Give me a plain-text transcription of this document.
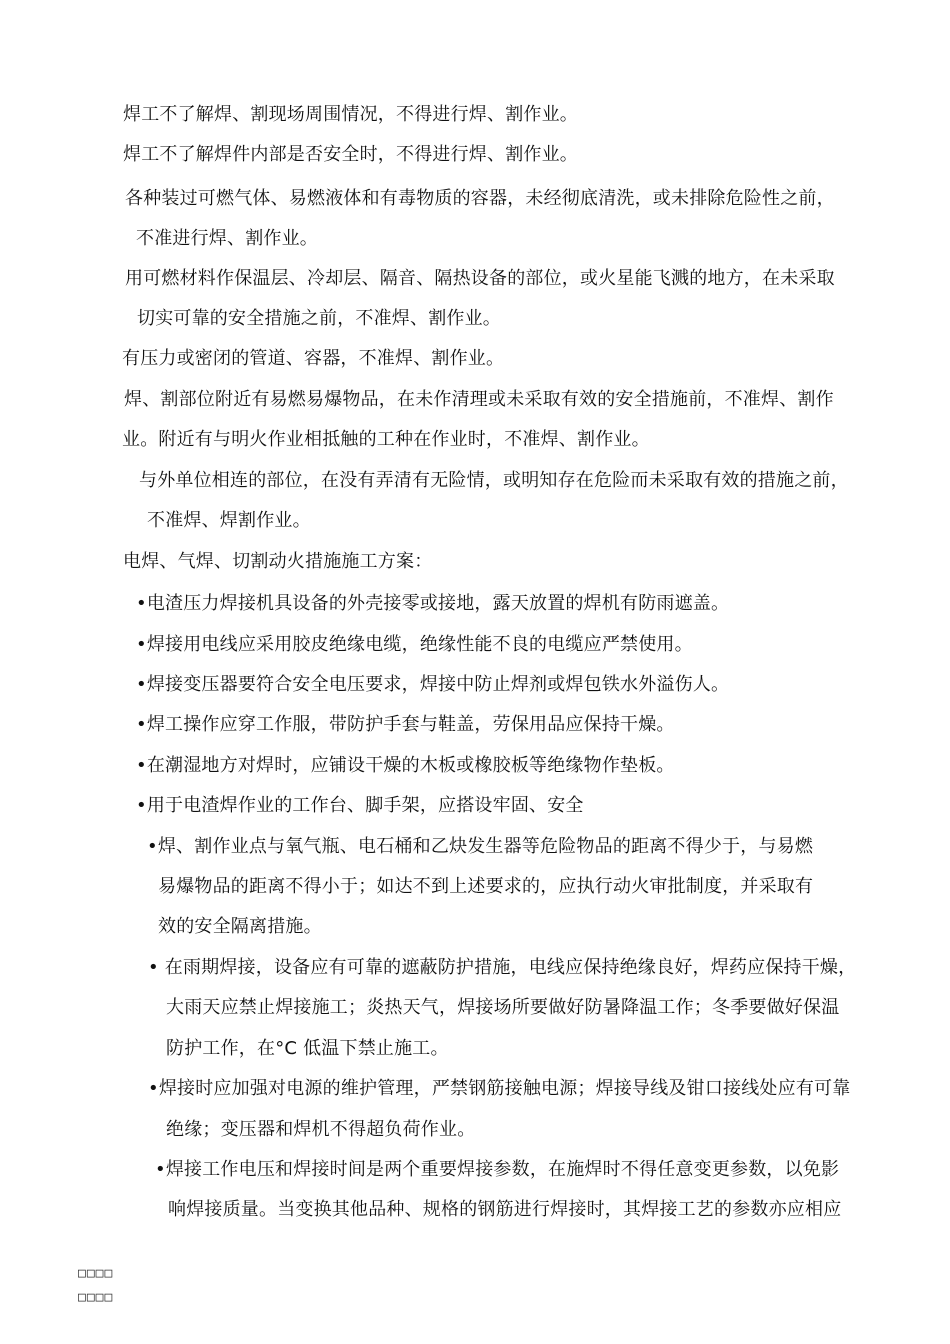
焊工不了解焊、割现场周围情况，不得进行焊、割作业。

焊工不了解焊件内部是否安全时，不得进行焊、割作业。

各种装过可燃气体、易燃液体和有毒物质的容器，未经彻底清洗，或未排除危险性之前，

不准进行焊、割作业。

用可燃材料作保温层、冷却层、隔音、隔热设备的部位，或火星能飞溅的地方，在未采取

切实可靠的安全措施之前，不准焊、割作业。

有压力或密闭的管道、容器，不准焊、割作业。

焊、割部位附近有易燃易爆物品，在未作清理或未采取有效的安全措施前，不准焊、割作

业。附近有与明火作业相抵触的工种在作业时，不准焊、割作业。

与外单位相连的部位，在没有弄清有无险情，或明知存在危险而未采取有效的措施之前，

不准焊、焊割作业。

电焊、气焊、切割动火措施施工方案：

•电渣压力焊接机具设备的外壳接零或接地，露天放置的焊机有防雨遮盖。

•焊接用电线应采用胶皮绝缘电缆，绝缘性能不良的电缆应严禁使用。

•焊接变压器要符合安全电压要求，焊接中防止焊剂或焊包铁水外溢伤人。

•焊工操作应穿工作服，带防护手套与鞋盖，劳保用品应保持干燥。

•在潮湿地方对焊时，应铺设干燥的木板或橡胶板等绝缘物作垫板。

•用于电渣焊作业的工作台、脚手架，应搭设牢固、安全

•焊、割作业点与氧气瓶、电石桶和乙炔发生器等危险物品的距离不得少于，与易燃

易爆物品的距离不得小于；如达不到上述要求的，应执行动火审批制度，并采取有

效的安全隔离措施。

• 在雨期焊接，设备应有可靠的遮蔽防护措施，电线应保持绝缘良好，焊药应保持干燥，

大雨天应禁止焊接施工；炎热天气，焊接场所要做好防暑降温工作；冬季要做好保温

防护工作，在°C 低温下禁止施工。

•焊接时应加强对电源的维护管理，严禁钢筋接触电源；焊接导线及钳口接线处应有可靠

绝缘；变压器和焊机不得超负荷作业。

•焊接工作电压和焊接时间是两个重要焊接参数，在施焊时不得任意变更参数，以免影

响焊接质量。当变换其他品种、规格的钢筋进行焊接时，其焊接工艺的参数亦应相应

□□□□

□□□□
